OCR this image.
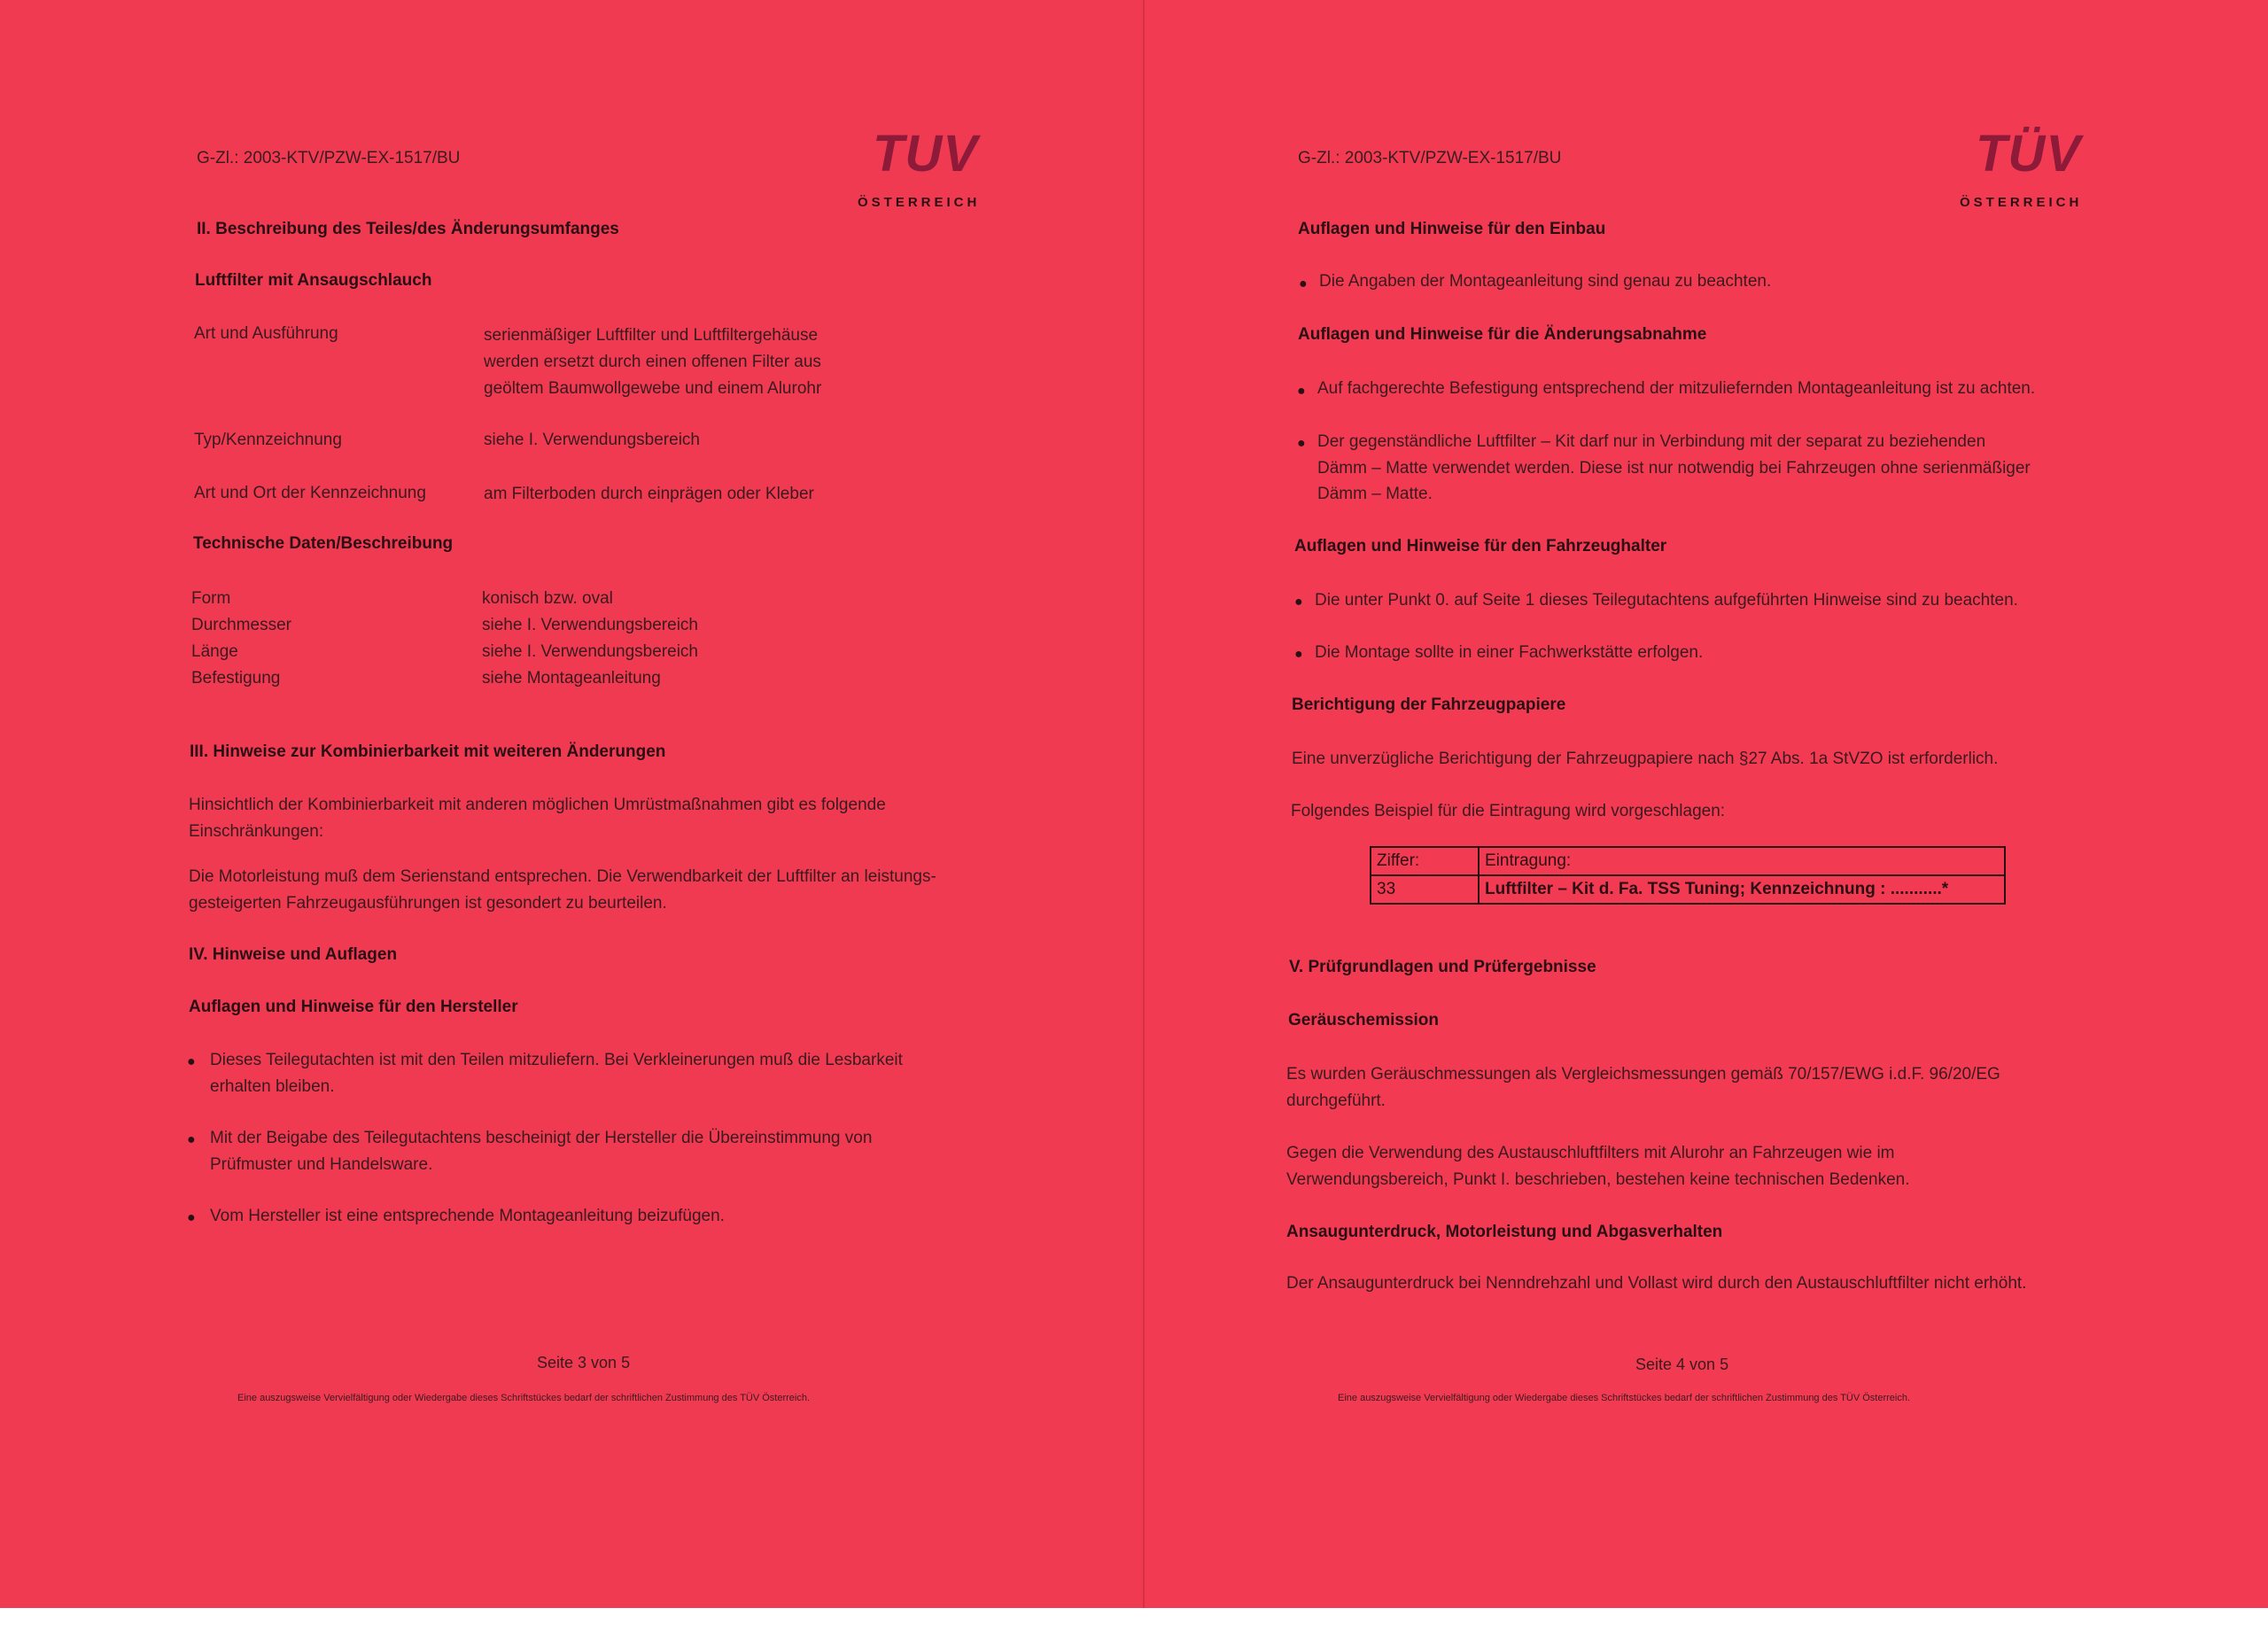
G-Zl.: 2003-KTV/PZW-EX-1517/BU	TUV
ÖSTERREICH
II. Beschreibung des Teiles/des Änderungsumfanges
Luftfilter mit Ansaugschlauch
Art und Ausführung	serienmäßiger Luftfilter und Luftfiltergehäuse
werden ersetzt durch einen offenen Filter aus
geöltem Baumwollgewebe und einem Alurohr
Typ/Kennzeichnung	siehe I. Verwendungsbereich
Art und Ort der Kennzeichnung	am Filterboden durch einprägen oder Kleber
Technische Daten/Beschreibung
Form	konisch bzw. oval
Durchmesser	siehe I. Verwendungsbereich
Länge	siehe I. Verwendungsbereich
Befestigung	siehe Montageanleitung
III. Hinweise zur Kombinierbarkeit mit weiteren Änderungen
Hinsichtlich der Kombinierbarkeit mit anderen möglichen Umrüstmaßnahmen gibt es folgende
Einschränkungen:
Die Motorleistung muß dem Serienstand entsprechen. Die Verwendbarkeit der Luftfilter an leistungs-
gesteigerten Fahrzeugausführungen ist gesondert zu beurteilen.
IV. Hinweise und Auflagen
Auflagen und Hinweise für den Hersteller
● Dieses Teilegutachten ist mit den Teilen mitzuliefern. Bei Verkleinerungen muß die Lesbarkeit
erhalten bleiben.
● Mit der Beigabe des Teilegutachtens bescheinigt der Hersteller die Übereinstimmung von
Prüfmuster und Handelsware.
● Vom Hersteller ist eine entsprechende Montageanleitung beizufügen.
Seite 3 von 5
Eine auszugsweise Vervielfältigung oder Wiedergabe dieses Schriftstückes bedarf der schriftlichen Zustimmung des TÜV Österreich.
G-Zl.: 2003-KTV/PZW-EX-1517/BU	TÜV
ÖSTERREICH
Auflagen und Hinweise für den Einbau
● Die Angaben der Montageanleitung sind genau zu beachten.
Auflagen und Hinweise für die Änderungsabnahme
● Auf fachgerechte Befestigung entsprechend der mitzuliefernden Montageanleitung ist zu achten.
● Der gegenständliche Luftfilter – Kit darf nur in Verbindung mit der separat zu beziehenden
Dämm – Matte verwendet werden. Diese ist nur notwendig bei Fahrzeugen ohne serienmäßiger
Dämm – Matte.
Auflagen und Hinweise für den Fahrzeughalter
● Die unter Punkt 0. auf Seite 1 dieses Teilegutachtens aufgeführten Hinweise sind zu beachten.
● Die Montage sollte in einer Fachwerkstätte erfolgen.
Berichtigung der Fahrzeugpapiere
Eine unverzügliche Berichtigung der Fahrzeugpapiere nach §27 Abs. 1a StVZO ist erforderlich.
Folgendes Beispiel für die Eintragung wird vorgeschlagen:
Ziffer:	Eintragung:
33	Luftfilter – Kit d. Fa. TSS Tuning; Kennzeichnung : ...........*
V. Prüfgrundlagen und Prüfergebnisse
Geräuschemission
Es wurden Geräuschmessungen als Vergleichsmessungen gemäß 70/157/EWG i.d.F. 96/20/EG
durchgeführt.
Gegen die Verwendung des Austauschluftfilters mit Alurohr an Fahrzeugen wie im
Verwendungsbereich, Punkt I. beschrieben, bestehen keine technischen Bedenken.
Ansaugunterdruck, Motorleistung und Abgasverhalten
Der Ansaugunterdruck bei Nenndrehzahl und Vollast wird durch den Austauschluftfilter nicht erhöht.
Seite 4 von 5
Eine auszugsweise Vervielfältigung oder Wiedergabe dieses Schriftstückes bedarf der schriftlichen Zustimmung des TÜV Österreich.
